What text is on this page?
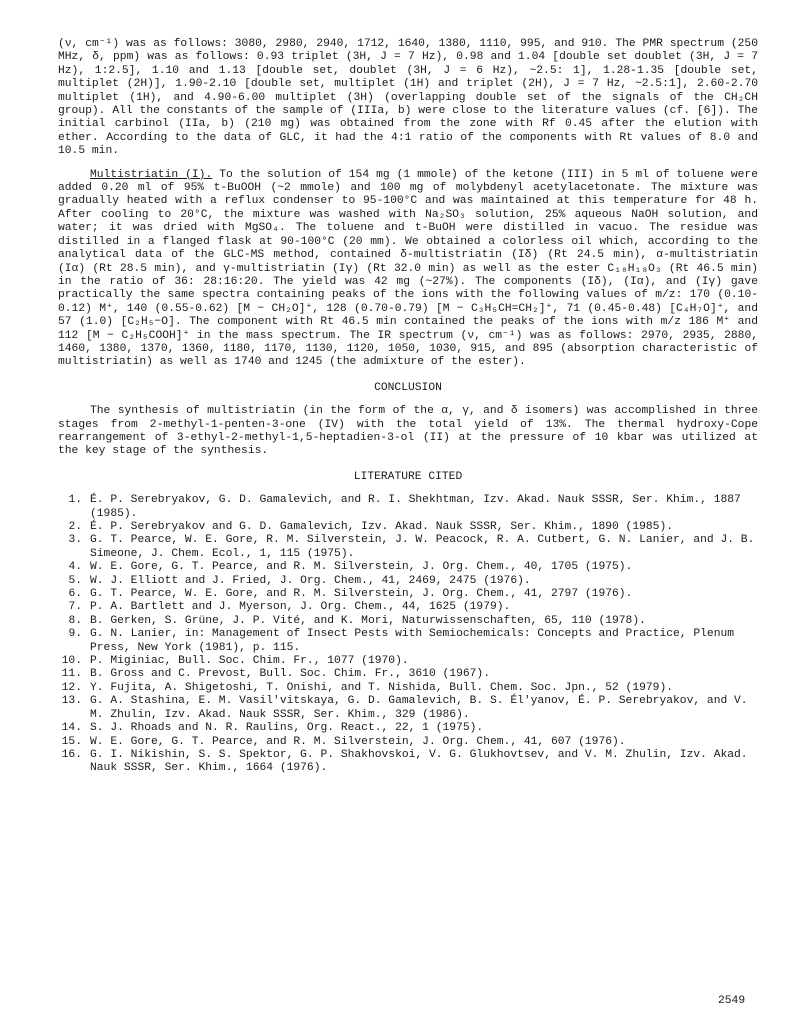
(ν, cm⁻¹) was as follows: 3080, 2980, 2940, 1712, 1640, 1380, 1110, 995, and 910. The PMR spectrum (250 MHz, δ, ppm) was as follows: 0.93 triplet (3H, J = 7 Hz), 0.98 and 1.04 [double set doublet (3H, J = 7 Hz), 1:2.5], 1.10 and 1.13 [double set, doublet (3H, J = 6 Hz), ~2.5: 1], 1.28-1.35 [double set, multiplet (2H)], 1.90-2.10 [double set, multiplet (1H) and triplet (2H), J = 7 Hz, ~2.5:1], 2.60-2.70 multiplet (1H), and 4.90-6.00 multiplet (3H) (overlapping double set of the signals of the CH₂CH group). All the constants of the sample of (IIIa, b) were close to the literature values (cf. [6]). The initial carbinol (IIa, b) (210 mg) was obtained from the zone with Rf 0.45 after the elution with ether. According to the data of GLC, it had the 4:1 ratio of the components with Rt values of 8.0 and 10.5 min.

Multistriatin (I). To the solution of 154 mg (1 mmole) of the ketone (III) in 5 ml of toluene were added 0.20 ml of 95% t-BuOOH (~2 mmole) and 100 mg of molybdenyl acetylacetonate. The mixture was gradually heated with a reflux condenser to 95-100°C and was maintained at this temperature for 48 h. After cooling to 20°C, the mixture was washed with Na₂SO₃ solution, 25% aqueous NaOH solution, and water; it was dried with MgSO₄. The toluene and t-BuOH were distilled in vacuo. The residue was distilled in a flanged flask at 90-100°C (20 mm). We obtained a colorless oil which, according to the analytical data of the GLC-MS method, contained δ-multistriatin (Iδ) (Rt 24.5 min), α-multistriatin (Iα) (Rt 28.5 min), and γ-multistriatin (Iγ) (Rt 32.0 min) as well as the ester C₁₀H₁₈O₃ (Rt 46.5 min) in the ratio of 36: 28:16:20. The yield was 42 mg (~27%). The components (Iδ), (Iα), and (Iγ) gave practically the same spectra containing peaks of the ions with the following values of m/z: 170 (0.10-0.12) M⁺, 140 (0.55-0.62) [M − CH₂O]⁺, 128 (0.70-0.79) [M − C₃H₅CH=CH₂]⁺, 71 (0.45-0.48) [C₄H₇O]⁺, and 57 (1.0) [C₂H₅−O]. The component with Rt 46.5 min contained the peaks of the ions with m/z 186 M⁺ and 112 [M − C₂H₅COOH]⁺ in the mass spectrum. The IR spectrum (ν, cm⁻¹) was as follows: 2970, 2935, 2880, 1460, 1380, 1370, 1360, 1180, 1170, 1130, 1120, 1050, 1030, 915, and 895 (absorption characteristic of multistriatin) as well as 1740 and 1245 (the admixture of the ester).

CONCLUSION

The synthesis of multistriatin (in the form of the α, γ, and δ isomers) was accomplished in three stages from 2-methyl-1-penten-3-one (IV) with the total yield of 13%. The thermal hydroxy-Cope rearrangement of 3-ethyl-2-methyl-1,5-heptadien-3-ol (II) at the pressure of 10 kbar was utilized at the key stage of the synthesis.

LITERATURE CITED
1. É. P. Serebryakov, G. D. Gamalevich, and R. I. Shekhtman, Izv. Akad. Nauk SSSR, Ser. Khim., 1887 (1985).
2. É. P. Serebryakov and G. D. Gamalevich, Izv. Akad. Nauk SSSR, Ser. Khim., 1890 (1985).
3. G. T. Pearce, W. E. Gore, R. M. Silverstein, J. W. Peacock, R. A. Cutbert, G. N. Lanier, and J. B. Simeone, J. Chem. Ecol., 1, 115 (1975).
4. W. E. Gore, G. T. Pearce, and R. M. Silverstein, J. Org. Chem., 40, 1705 (1975).
5. W. J. Elliott and J. Fried, J. Org. Chem., 41, 2469, 2475 (1976).
6. G. T. Pearce, W. E. Gore, and R. M. Silverstein, J. Org. Chem., 41, 2797 (1976).
7. P. A. Bartlett and J. Myerson, J. Org. Chem., 44, 1625 (1979).
8. B. Gerken, S. Grüne, J. P. Vité, and K. Mori, Naturwissenschaften, 65, 110 (1978).
9. G. N. Lanier, in: Management of Insect Pests with Semiochemicals: Concepts and Practice, Plenum Press, New York (1981), p. 115.
10. P. Miginiac, Bull. Soc. Chim. Fr., 1077 (1970).
11. B. Gross and C. Prevost, Bull. Soc. Chim. Fr., 3610 (1967).
12. Y. Fujita, A. Shigetoshi, T. Onishi, and T. Nishida, Bull. Chem. Soc. Jpn., 52 (1979).
13. G. A. Stashina, E. M. Vasil'vitskaya, G. D. Gamalevich, B. S. Él'yanov, É. P. Serebryakov, and V. M. Zhulin, Izv. Akad. Nauk SSSR, Ser. Khim., 329 (1986).
14. S. J. Rhoads and N. R. Raulins, Org. React., 22, 1 (1975).
15. W. E. Gore, G. T. Pearce, and R. M. Silverstein, J. Org. Chem., 41, 607 (1976).
16. G. I. Nikishin, S. S. Spektor, G. P. Shakhovskoi, V. G. Glukhovtsev, and V. M. Zhulin, Izv. Akad. Nauk SSSR, Ser. Khim., 1664 (1976).
2549
